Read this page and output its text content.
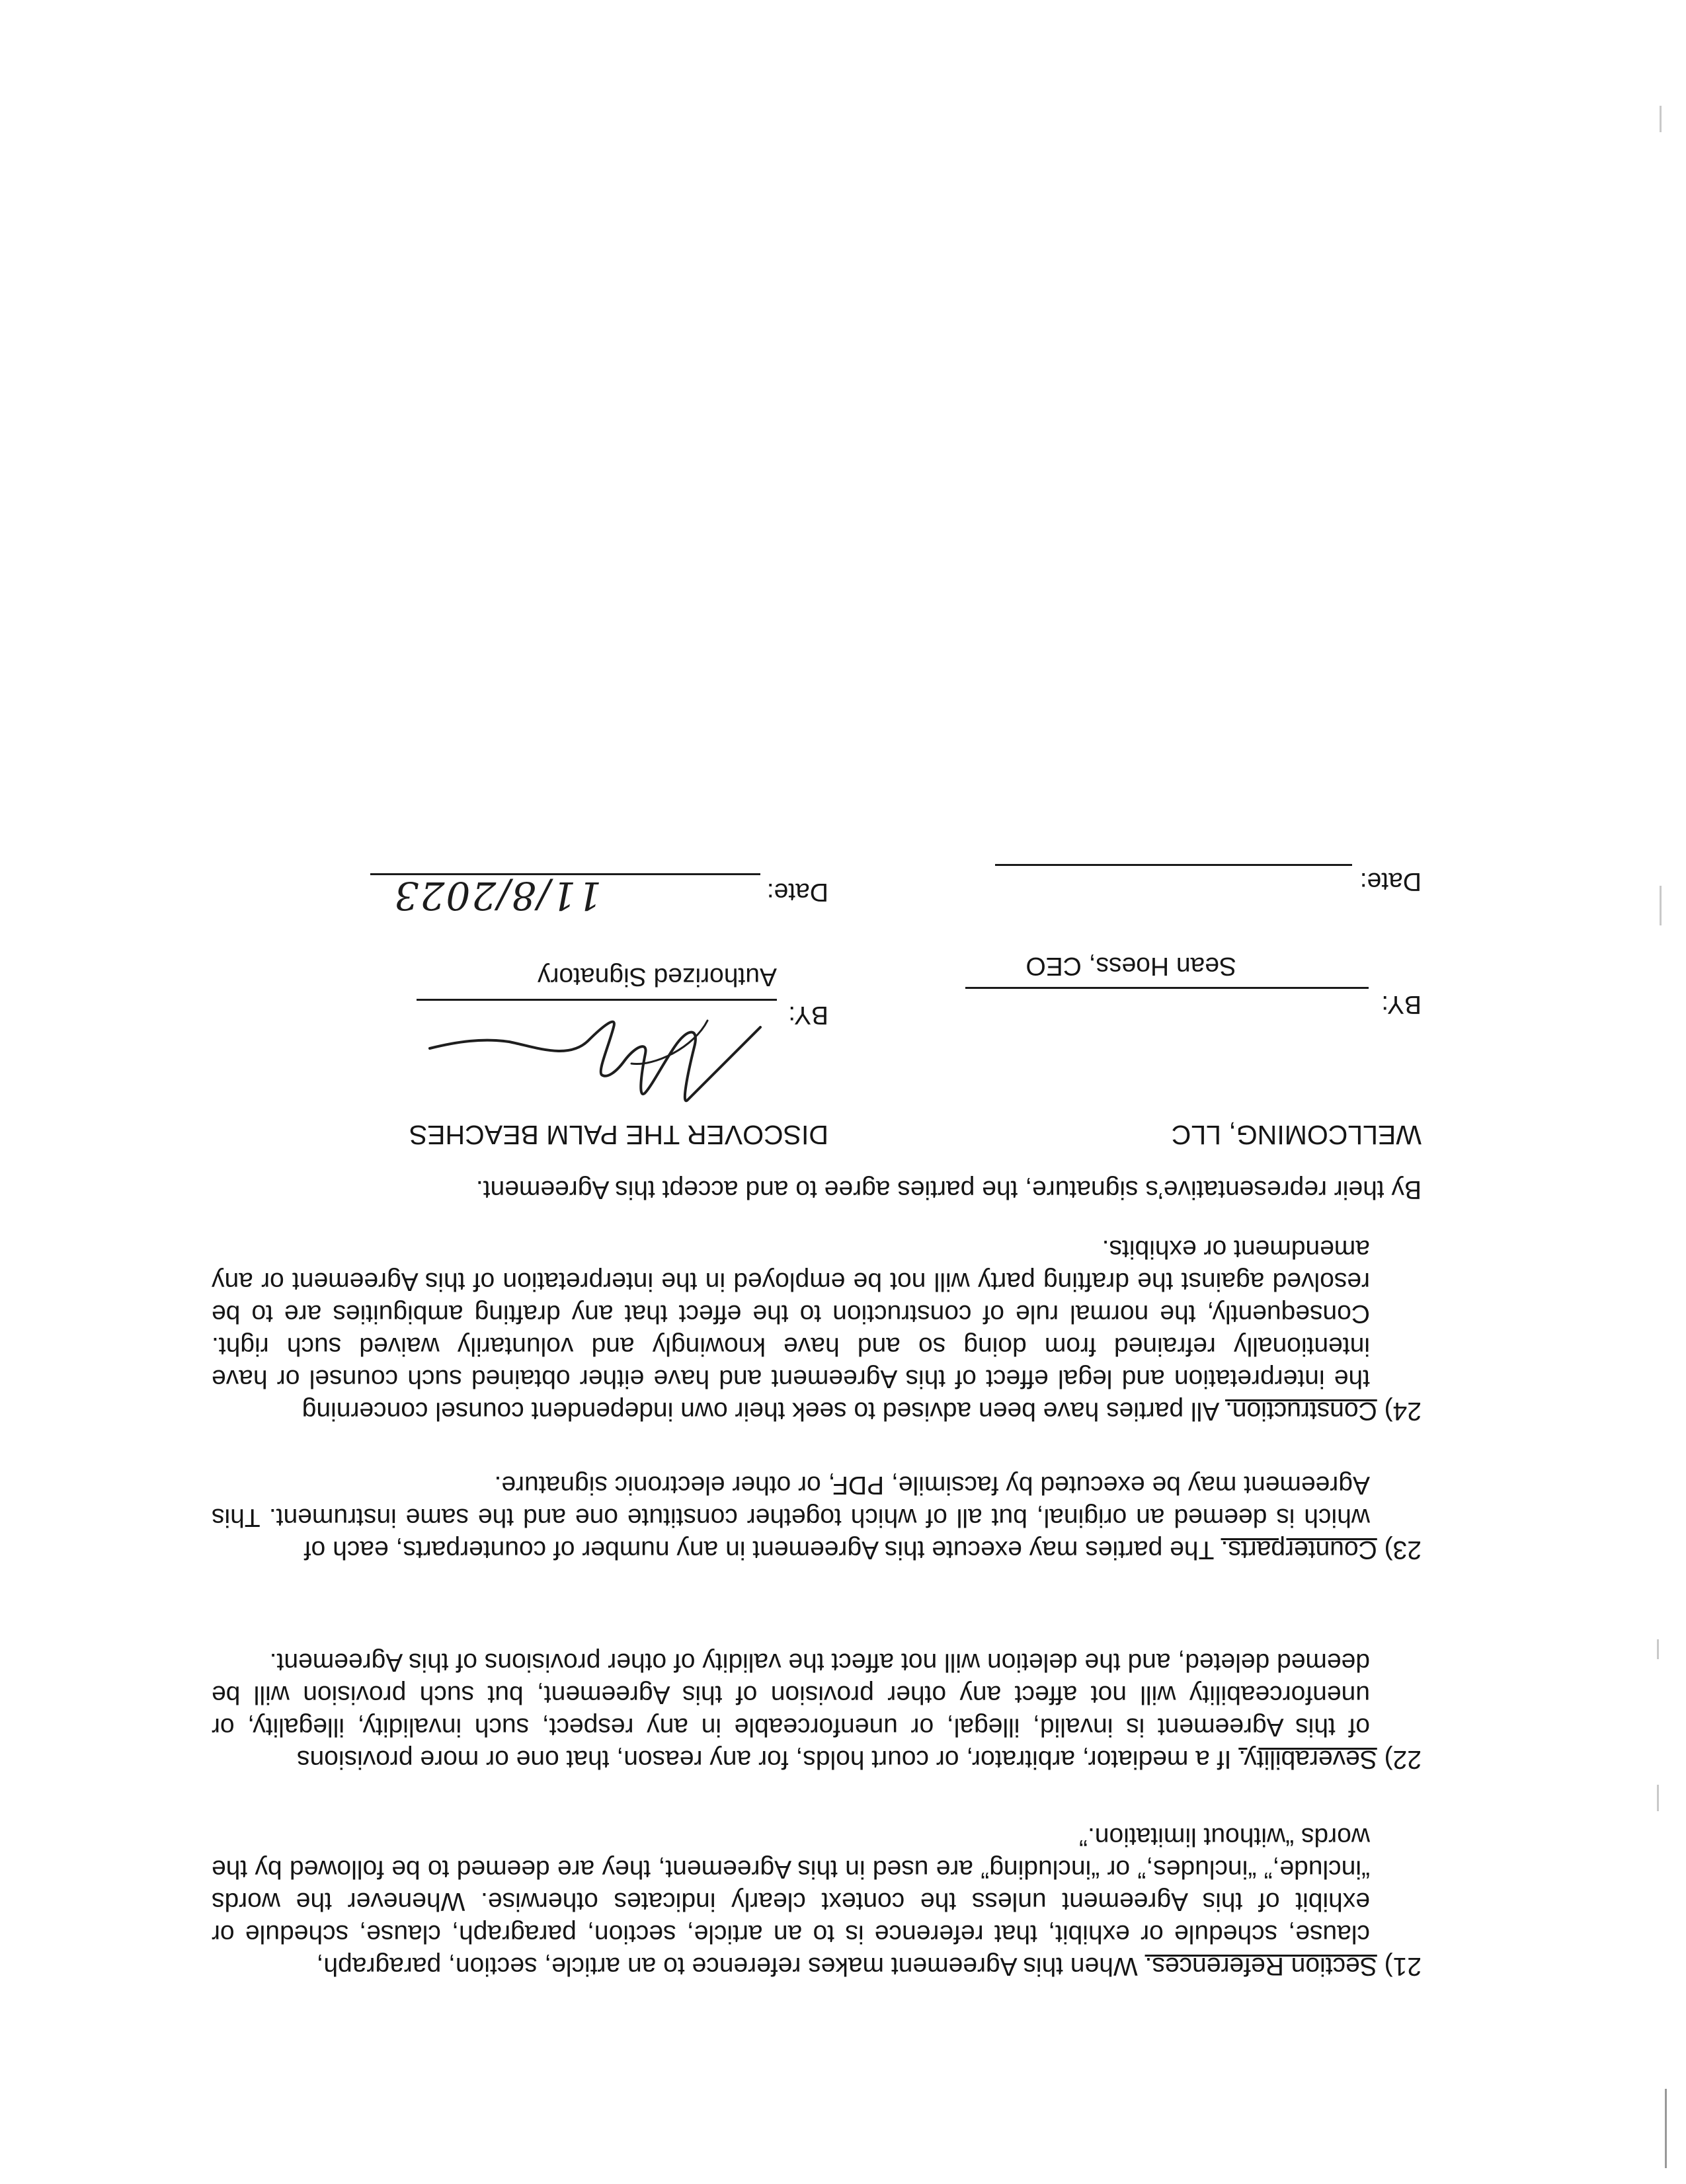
21) Section References. When this Agreement makes reference to an article, section, paragraph,
clause, schedule or exhibit, that reference is to an article, section, paragraph, clause, schedule or exhibit of this Agreement unless the context clearly indicates otherwise. Whenever the words “include,” “includes,” or “including” are used in this Agreement, they are deemed to be followed by the words “without limitation.”
22) Severability. If a mediator, arbitrator, or court holds, for any reason, that one or more provisions
of this Agreement is invalid, illegal, or unenforceable in any respect, such invalidity, illegality, or unenforceability will not affect any other provision of this Agreement, but such provision will be deemed deleted, and the deletion will not affect the validity of other provisions of this Agreement.
23) Counterparts. The parties may execute this Agreement in any number of counterparts, each of
which is deemed an original, but all of which together constitute one and the same instrument. This Agreement may be executed by facsimile, PDF, or other electronic signature.
24) Construction. All parties have been advised to seek their own independent counsel concerning
the interpretation and legal effect of this Agreement and have either obtained such counsel or have intentionally refrained from doing so and have knowingly and voluntarily waived such right. Consequently, the normal rule of construction to the effect that any drafting ambiguities are to be resolved against the drafting party will not be employed in the interpretation of this Agreement or any amendment or exhibits.
By their representative’s signature, the parties agree to and accept this Agreement.
WELLCOMING, LLC
DISCOVER THE PALM BEACHES
BY:
Sean Hoess, CEO
Date:
BY:
Authorized Signatory
Date:
11/8/2023
